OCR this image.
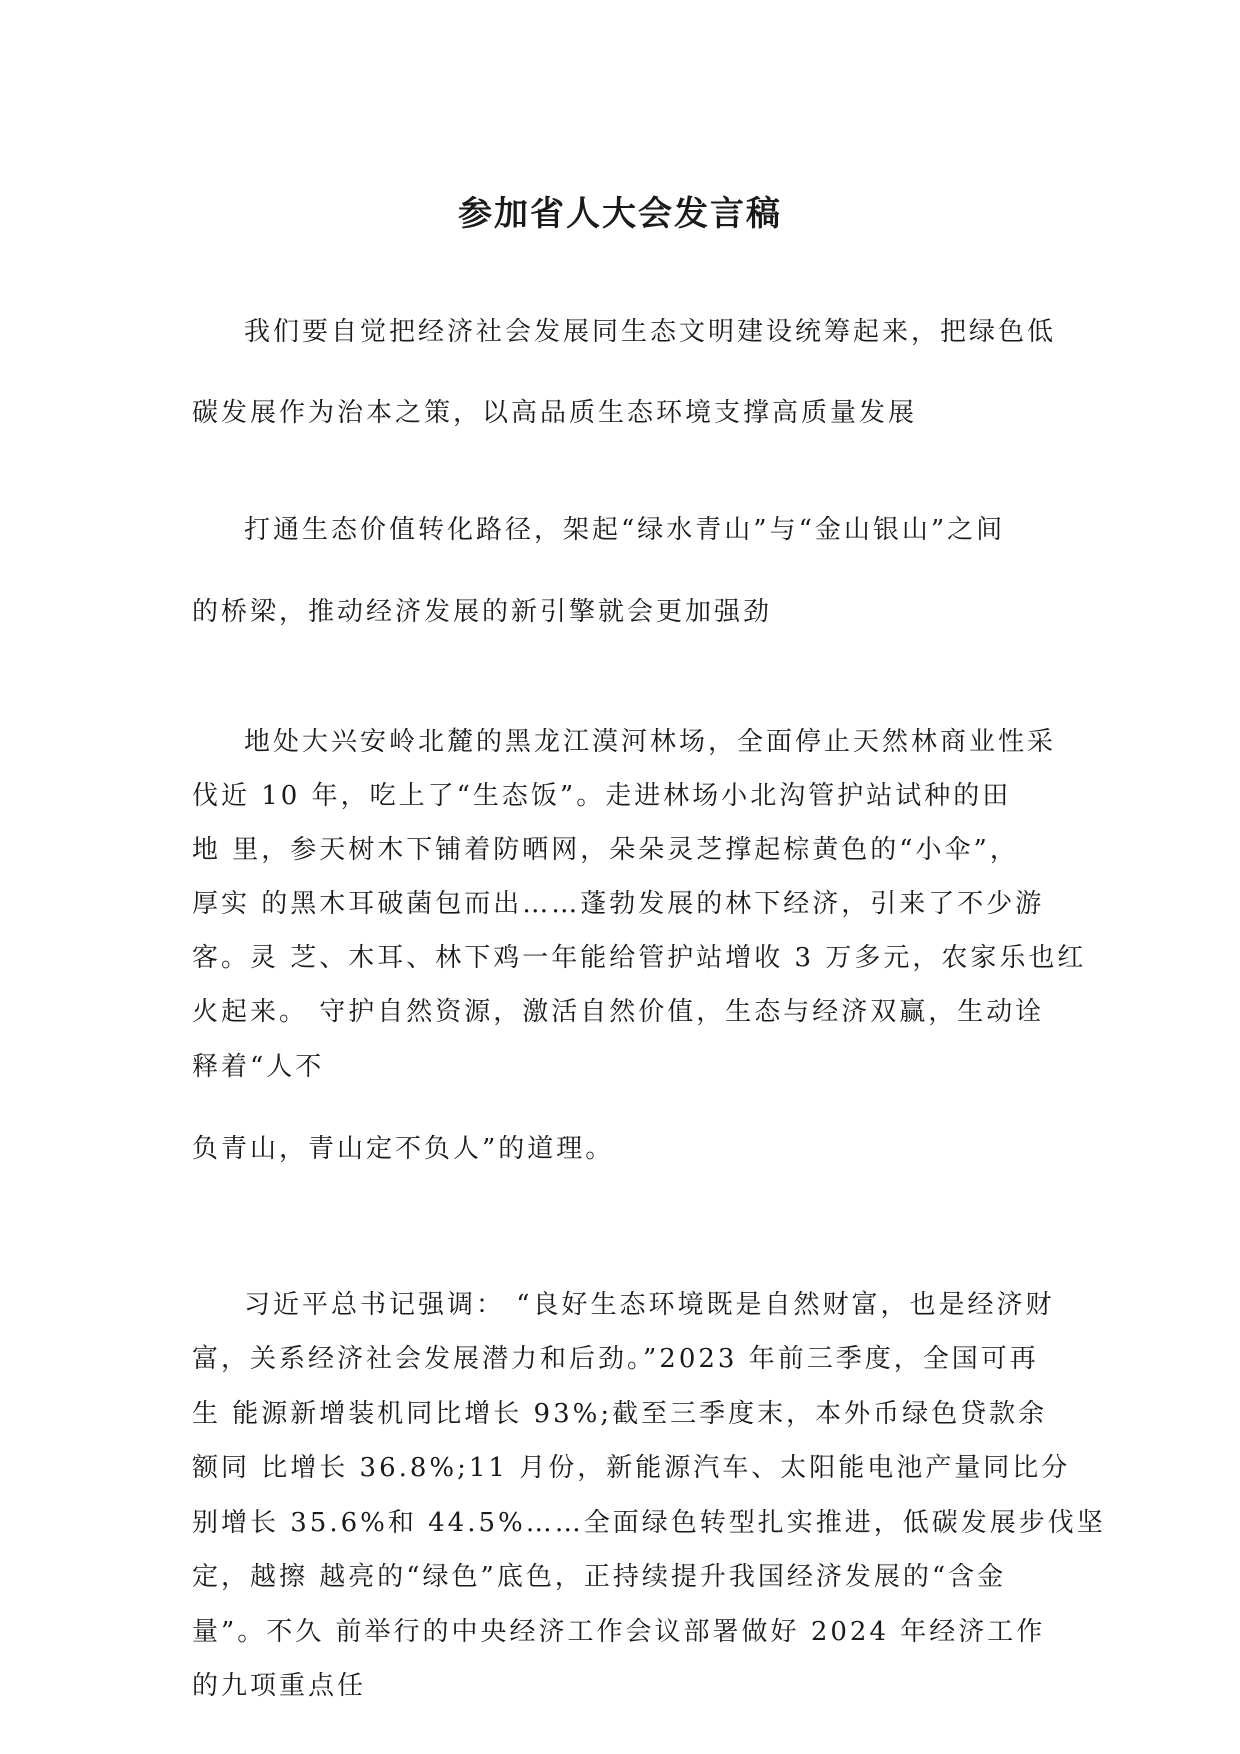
参加省人大会发言稿
我们要自觉把经济社会发展同生态文明建设统筹起来，把绿色低
碳发展作为治本之策，以高品质生态环境支撑高质量发展
打通生态价值转化路径，架起“绿水青山”与“金山银山”之间
的桥梁，推动经济发展的新引擎就会更加强劲
地处大兴安岭北麓的黑龙江漠河林场，全面停止天然林商业性采
伐近 10 年，吃上了“生态饭”。走进林场小北沟管护站试种的田
地 里，参天树木下铺着防晒网，朵朵灵芝撑起棕黄色的“小伞”，
厚实 的黑木耳破菌包而出……蓬勃发展的林下经济，引来了不少游
客。灵 芝、木耳、林下鸡一年能给管护站增收 3 万多元，农家乐也红
火起来。 守护自然资源，激活自然价值，生态与经济双赢，生动诠
释着“人不
负青山，青山定不负人”的道理。
习近平总书记强调： “良好生态环境既是自然财富，也是经济财
富，关系经济社会发展潜力和后劲。”2023 年前三季度，全国可再
生 能源新增装机同比增长 93%;截至三季度末，本外币绿色贷款余
额同 比增长 36.8%;11 月份，新能源汽车、太阳能电池产量同比分
别增长 35.6%和 44.5%……全面绿色转型扎实推进，低碳发展步伐坚
定，越擦 越亮的“绿色”底色，正持续提升我国经济发展的“含金
量”。不久 前举行的中央经济工作会议部署做好 2024 年经济工作
的九项重点任
